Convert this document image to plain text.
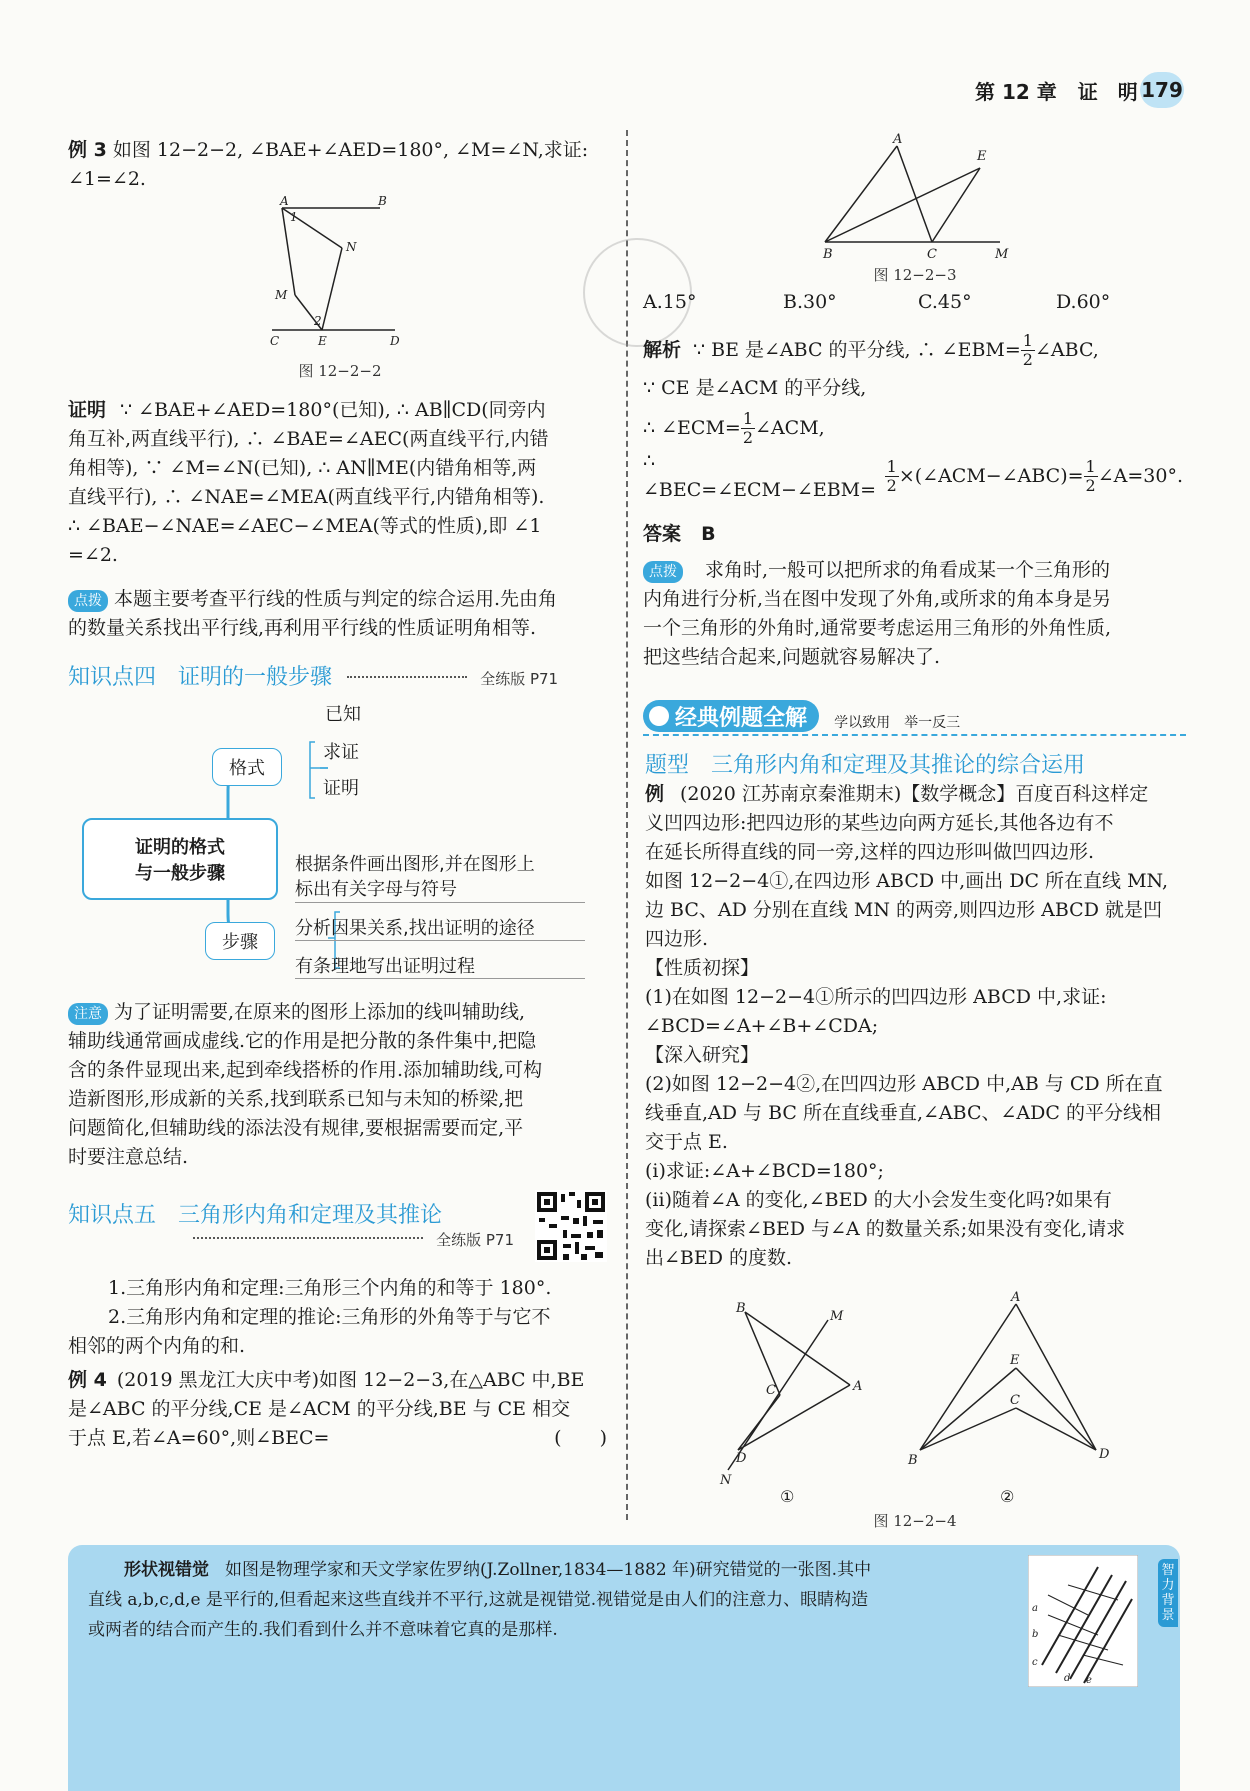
第 12 章 证　明 179
例 3 如图 12−2−2, ∠BAE+∠AED=180°, ∠M=∠N,求证:
∠1=∠2.
A	B
N
M
C	E	D
1
2
图 12−2−2
证明 ∵ ∠BAE+∠AED=180°(已知), ∴ AB∥CD(同旁内
角互补,两直线平行), ∴ ∠BAE=∠AEC(两直线平行,内错
角相等), ∵ ∠M=∠N(已知), ∴ AN∥ME(内错角相等,两
直线平行), ∴ ∠NAE=∠MEA(两直线平行,内错角相等).
∴ ∠BAE−∠NAE=∠AEC−∠MEA(等式的性质),即 ∠1
=∠2.
点拨 本题主要考查平行线的性质与判定的综合运用.先由角
的数量关系找出平行线,再利用平行线的性质证明角相等.
知识点四　证明的一般步骤	全练版 P71
证明的格式
与一般步骤
格式
已知
求证
证明
步骤
根据条件画出图形,并在图形上
标出有关字母与符号
分析因果关系,找出证明的途径
有条理地写出证明过程
注意 为了证明需要,在原来的图形上添加的线叫辅助线,
辅助线通常画成虚线.它的作用是把分散的条件集中,把隐
含的条件显现出来,起到牵线搭桥的作用.添加辅助线,可构
造新图形,形成新的关系,找到联系已知与未知的桥梁,把
问题简化,但辅助线的添法没有规律,要根据需要而定,平
时要注意总结.
知识点五　三角形内角和定理及其推论
全练版 P71
1.三角形内角和定理:三角形三个内角的和等于 180°.
2.三角形内角和定理的推论:三角形的外角等于与它不
相邻的两个内角的和.
例 4 (2019 黑龙江大庆中考)如图 12−2−3,在△ABC 中,BE
是∠ABC 的平分线,CE 是∠ACM 的平分线,BE 与 CE 相交
于点 E,若∠A=60°,则∠BEC=	(　　)
A
E
B	C	M
图 12−2−3
A.15°	B.30°	C.45°	D.60°
解析 ∵ BE 是∠ABC 的平分线, ∴ ∠EBM= $\frac{1}{2}$ ∠ABC,
∵ CE 是∠ACM 的平分线,
∴ ∠ECM= $\frac{1}{2}$ ∠ACM,
∴ ∠BEC=∠ECM−∠EBM= $\frac{1}{2}$ ×(∠ACM−∠ABC)= $\frac{1}{2}$ ∠A=30°.
答案 B
点拨 求角时,一般可以把所求的角看成某一个三角形的
内角进行分析,当在图中发现了外角,或所求的角本身是另
一个三角形的外角时,通常要考虑运用三角形的外角性质,
把这些结合起来,问题就容易解决了.
经典例题全解 学以致用　举一反三
题型　三角形内角和定理及其推论的综合运用
例 (2020 江苏南京秦淮期末)【数学概念】百度百科这样定
义凹四边形:把四边形的某些边向两方延长,其他各边有不
在延长所得直线的同一旁,这样的四边形叫做凹四边形.
如图 12−2−4①,在四边形 ABCD 中,画出 DC 所在直线 MN,
边 BC、AD 分别在直线 MN 的两旁,则四边形 ABCD 就是凹
四边形.
【性质初探】
(1)在如图 12−2−4①所示的凹四边形 ABCD 中,求证:
∠BCD=∠A+∠B+∠CDA;
【深入研究】
(2)如图 12−2−4②,在凹四边形 ABCD 中,AB 与 CD 所在直
线垂直,AD 与 BC 所在直线垂直,∠ABC、∠ADC 的平分线相
交于点 E.
(i)求证:∠A+∠BCD=180°;
(ii)随着∠A 的变化,∠BED 的大小会发生变化吗?如果有
变化,请探索∠BED 与∠A 的数量关系;如果没有变化,请求
出∠BED 的度数.
B
M
C	A
D
N
A
E
C
B	D
①	②
图 12−2−4
形状视错觉 如图是物理学家和天文学家佐罗纳(J.Zollner,1834—1882 年)研究错觉的一张图.其中
直线 a,b,c,d,e 是平行的,但看起来这些直线并不平行,这就是视错觉.视错觉是由人们的注意力、眼睛构造
或两者的结合而产生的.我们看到什么并不意味着它真的是那样.
a
b
c
d e
智力背景
